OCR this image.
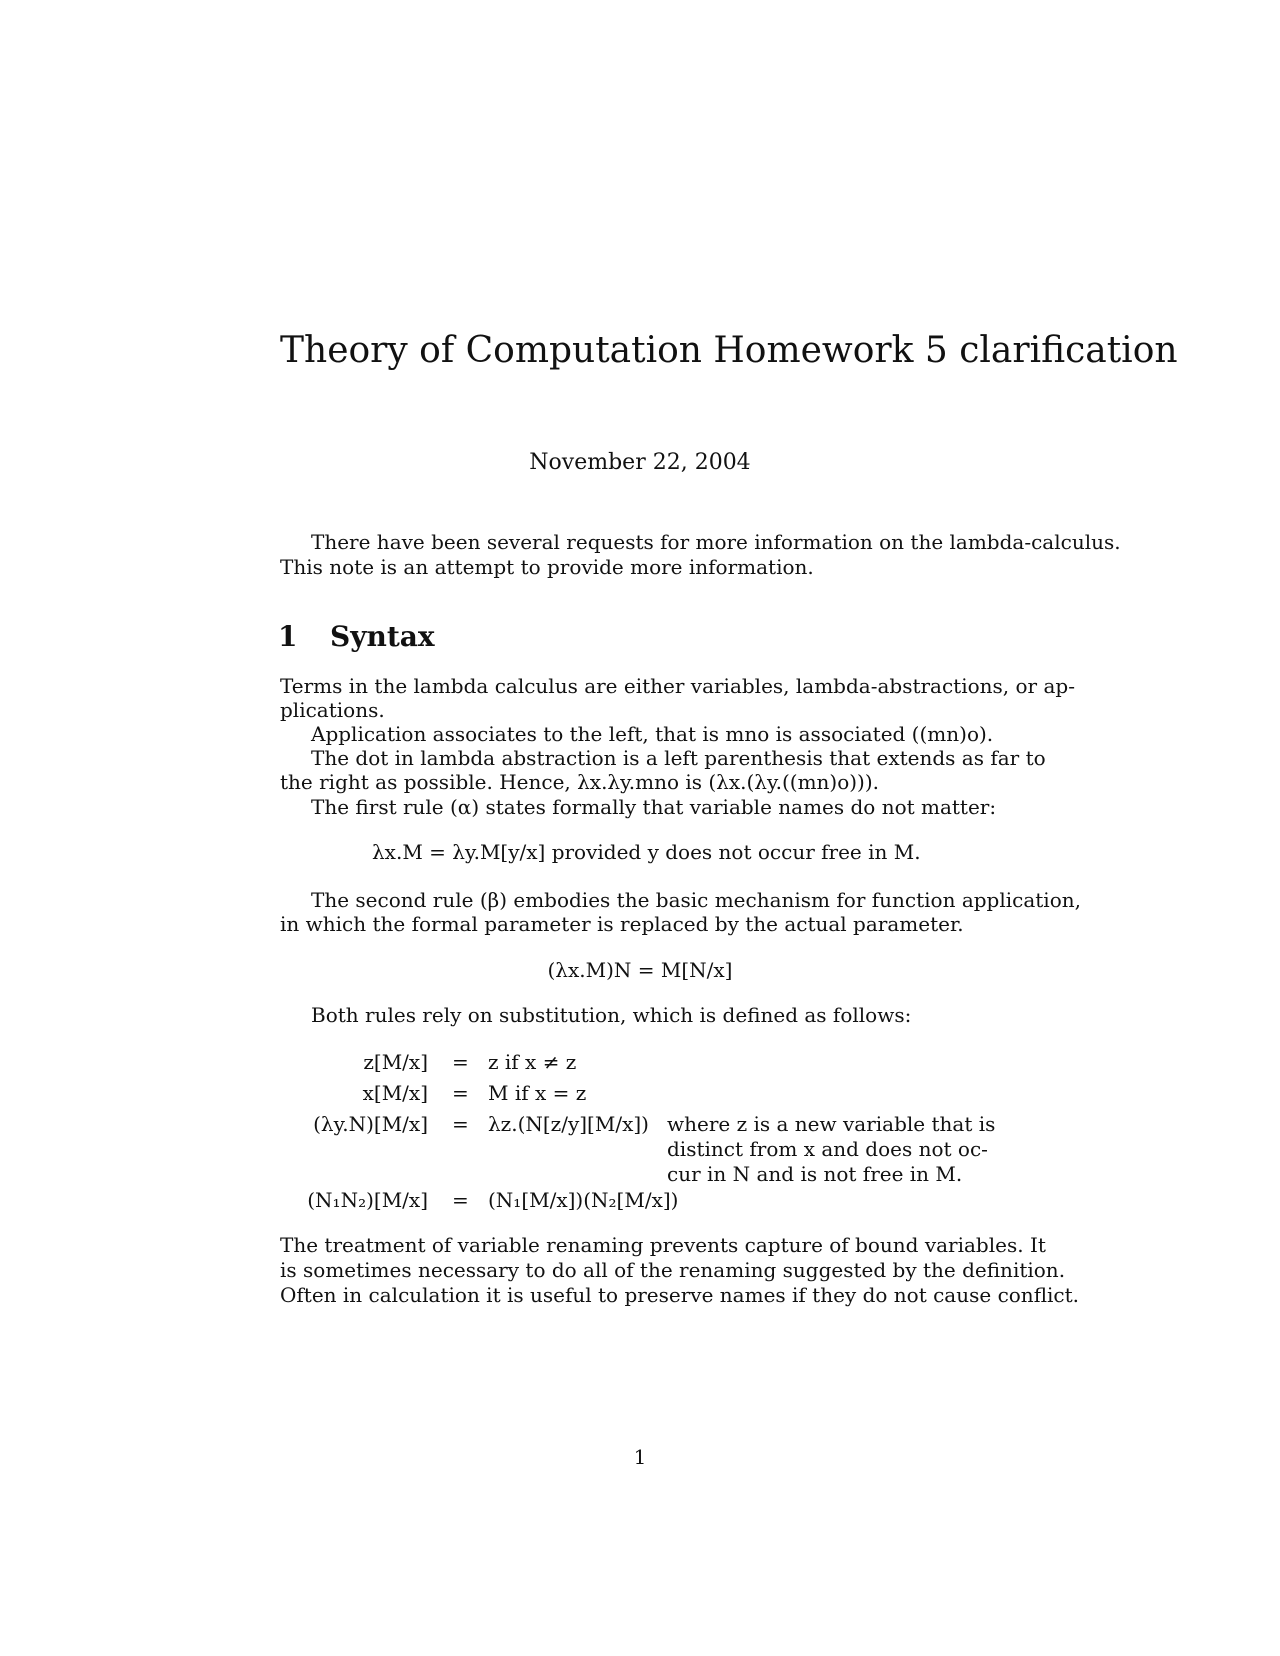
Theory of Computation Homework 5 clarification
November 22, 2004
There have been several requests for more information on the lambda-calculus.
This note is an attempt to provide more information.
1 Syntax
Terms in the lambda calculus are either variables, lambda-abstractions, or ap-
plications.
Application associates to the left, that is mno is associated ((mn)o).
The dot in lambda abstraction is a left parenthesis that extends as far to
the right as possible. Hence, λx.λy.mno is (λx.(λy.((mn)o))).
The first rule (α) states formally that variable names do not matter:
λx.M = λy.M[y/x] provided y does not occur free in M.
The second rule (β) embodies the basic mechanism for function application,
in which the formal parameter is replaced by the actual parameter.
(λx.M)N = M[N/x]
Both rules rely on substitution, which is defined as follows:
z[M/x] = z if x ≠ z
x[M/x] = M if x = z
(λy.N)[M/x] = λz.(N[z/y][M/x]) where z is a new variable that is
distinct from x and does not oc-
cur in N and is not free in M.
(N₁N₂)[M/x] = (N₁[M/x])(N₂[M/x])
The treatment of variable renaming prevents capture of bound variables. It
is sometimes necessary to do all of the renaming suggested by the definition.
Often in calculation it is useful to preserve names if they do not cause conflict.
1
